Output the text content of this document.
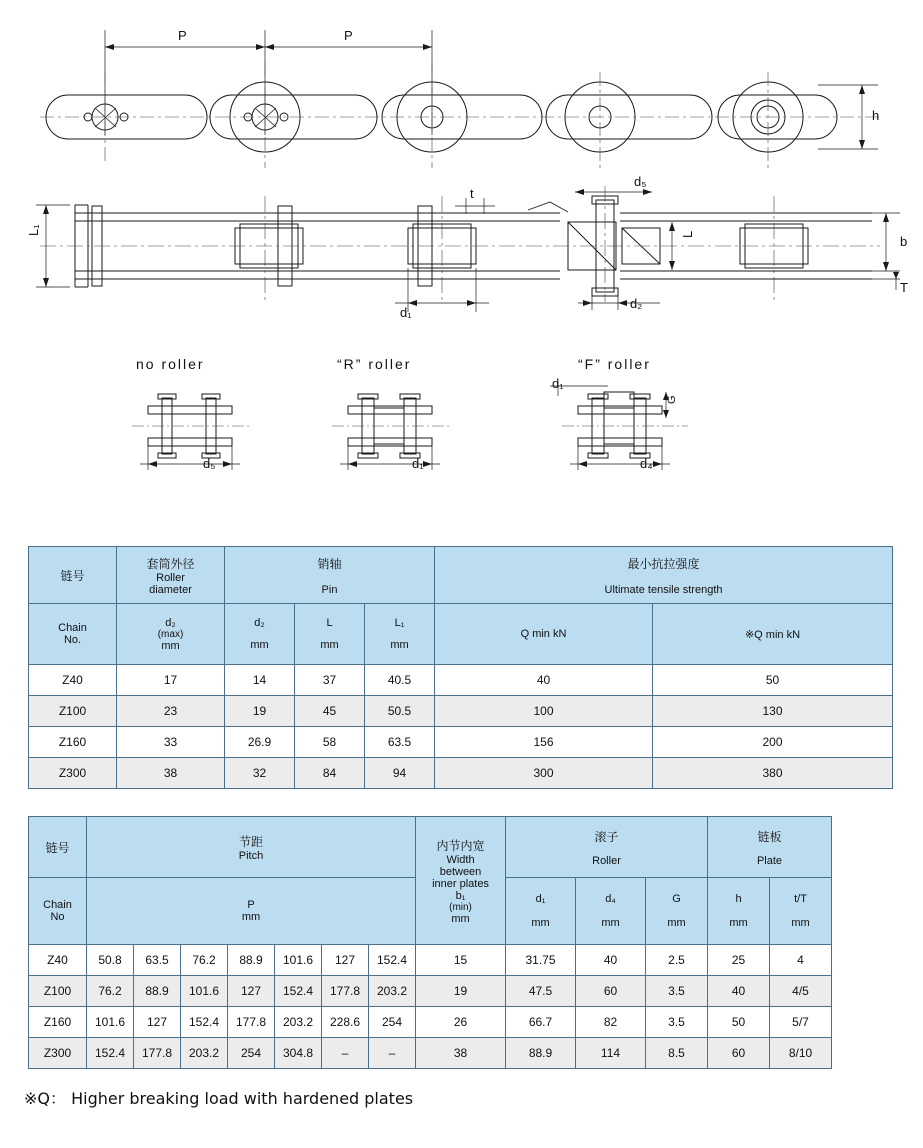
P	P
h
L₁
t
d₅
L	b
T
d₁
d₂
no roller	“R” roller	“F” roller
d₅	d₁
d₁
d₄
G
链号

套筒外径
Roller
diameter

销轴
Pin

最小抗拉强度
Ultimate tensile strength

Chain
No.

d₂
(max)
mm

d₂
mm

L
mm

L₁
mm

Q min kN	※Q min kN

Z40	17	14	37	40.5	40	50
Z100	23	19	45	50.5	100	130
Z160	33	26.9	58	63.5	156	200
Z300	38	32	84	94	300	380
链号	节距
Pitch

内节内宽
Width
between
inner plates
b₁
(min)
mm

滚子
Roller

链板
Plate

Chain
No

P
mm

d₁
mm

d₄
mm

G
mm

h
mm

t/T
mm

Z40	50.8	63.5	76.2	88.9	101.6	127	152.4	15	31.75	40	2.5	25	4
Z100	76.2	88.9	101.6	127	152.4	177.8	203.2	19	47.5	60	3.5	40	4/5
Z160	101.6	127	152.4	177.8	203.2	228.6	254	26	66.7	82	3.5	50	5/7
Z300	152.4	177.8	203.2	254	304.8	–	–	38	88.9	114	8.5	60	8/10
※Q： Higher breaking load with hardened plates
